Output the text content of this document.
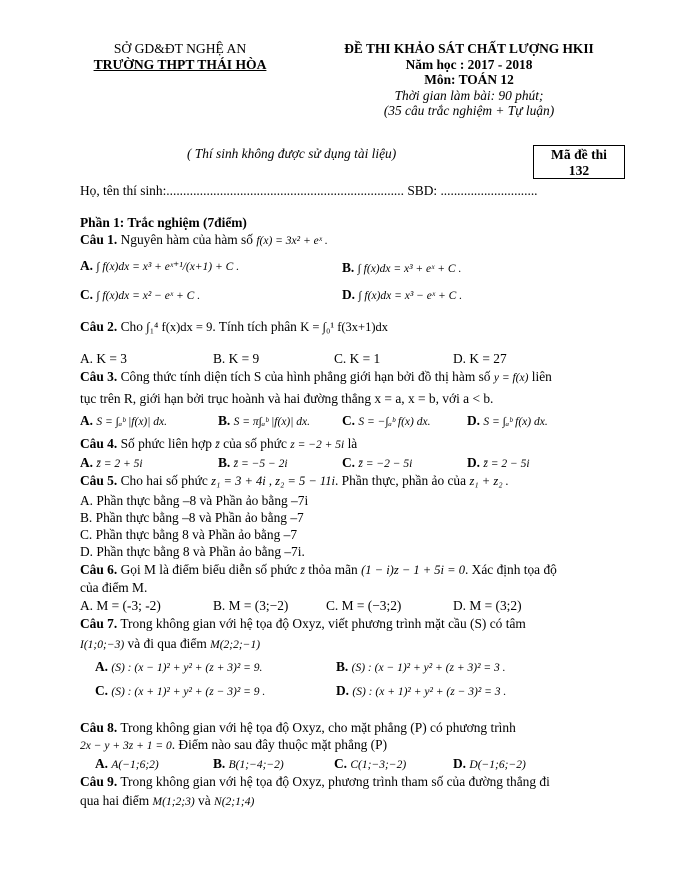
SỞ GD&ĐT NGHỆ AN
TRƯỜNG THPT THÁI HÒA
ĐỀ THI KHẢO SÁT CHẤT LƯỢNG HKII
Năm học : 2017 - 2018
Môn: TOÁN 12
Thời gian làm bài: 90 phút;
(35 câu trắc nghiệm + Tự luận)
( Thí sinh không được sử dụng tài liệu)	Mã đề thi
132
Họ, tên thí sinh:....................................................................... SBD: .............................
Phần 1: Trắc nghiệm (7điểm)
Câu 1. Nguyên hàm của hàm số f(x) = 3x² + eˣ .
A. ∫ f(x)dx = x³ + eˣ⁺¹/(x+1) + C .	B. ∫ f(x)dx = x³ + eˣ + C .
C. ∫ f(x)dx = x² − eˣ + C .	D. ∫ f(x)dx = x³ − eˣ + C .
Câu 2. Cho ∫₁⁴ f(x)dx = 9. Tính tích phân K = ∫₀¹ f(3x+1)dx
A. K = 3	B. K = 9	C. K = 1	D. K = 27
Câu 3. Công thức tính diện tích S của hình phẳng giới hạn bởi đồ thị hàm số y = f(x) liên
tục trên R, giới hạn bởi trục hoành và hai đường thẳng x = a, x = b, với a < b.
A. S = ∫ₐᵇ |f(x)| dx.	B. S = π∫ₐᵇ |f(x)| dx. C. S = −∫ₐᵇ f(x) dx.	D. S = ∫ₐᵇ f(x) dx.
Câu 4. Số phức liên hợp z̄ của số phức z = −2 + 5i là
A. z̄ = 2 + 5i	B. z̄ = −5 − 2i	C. z̄ = −2 − 5i	D. z̄ = 2 − 5i
Câu 5. Cho hai số phức z₁ = 3 + 4i , z₂ = 5 − 11i. Phần thực, phần ảo của z₁ + z₂ .
A. Phần thực bằng –8 và Phần ảo bằng –7i
B. Phần thực bằng –8 và Phần ảo bằng –7
C. Phần thực bằng 8 và Phần ảo bằng –7
D. Phần thực bằng 8 và Phần ảo bằng –7i.
Câu 6. Gọi M là điểm biểu diễn số phức z̄ thỏa mãn (1 − i)z − 1 + 5i = 0. Xác định tọa độ
của điểm M.
A. M = (-3; -2)	B. M = (3;−2)	C. M = (−3;2)	D. M = (3;2)
Câu 7. Trong không gian với hệ tọa độ Oxyz, viết phương trình mặt cầu (S) có tâm
I(1;0;−3) và đi qua điểm M(2;2;−1)
A. (S) : (x − 1)² + y² + (z + 3)² = 9.	B. (S) : (x − 1)² + y² + (z + 3)² = 3 .
C. (S) : (x + 1)² + y² + (z − 3)² = 9 .	D. (S) : (x + 1)² + y² + (z − 3)² = 3 .
Câu 8. Trong không gian với hệ tọa độ Oxyz, cho mặt phẳng (P) có phương trình
2x − y + 3z + 1 = 0. Điểm nào sau đây thuộc mặt phẳng (P)
A. A(−1;6;2)	B. B(1;−4;−2)	C. C(1;−3;−2)	D. D(−1;6;−2)
Câu 9. Trong không gian với hệ tọa độ Oxyz, phương trình tham số của đường thẳng đi
qua hai điểm M(1;2;3) và N(2;1;4)
